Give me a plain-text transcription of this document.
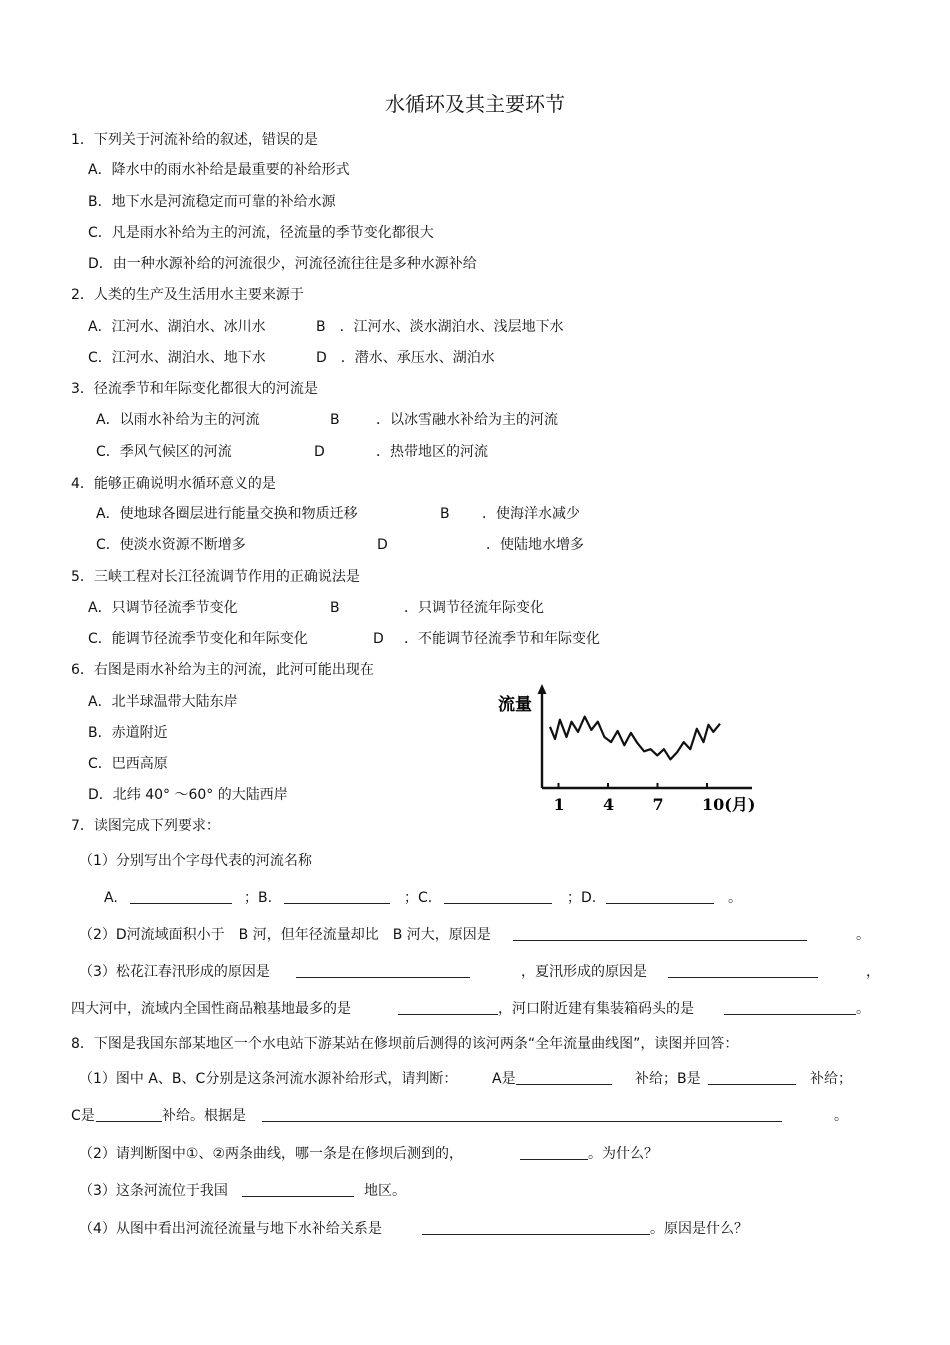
水循环及其主要环节
1．下列关于河流补给的叙述，错误的是
A．降水中的雨水补给是最重要的补给形式
B．地下水是河流稳定而可靠的补给水源
C．凡是雨水补给为主的河流，径流量的季节变化都很大
D．由一种水源补给的河流很少，河流径流往往是多种水源补给
2．人类的生产及生活用水主要来源于
A．江河水、湖泊水、冰川水	B　．江河水、淡水湖泊水、浅层地下水
C．江河水、湖泊水、地下水	D　．潜水、承压水、湖泊水
3．径流季节和年际变化都很大的河流是
A．以雨水补给为主的河流	B	．以冰雪融水补给为主的河流
C．季风气候区的河流	D	．热带地区的河流
4．能够正确说明水循环意义的是
A．使地球各圈层进行能量交换和物质迁移	B ．使海洋水减少
C．使淡水资源不断增多	D	．使陆地水增多
5．三峡工程对长江径流调节作用的正确说法是
A．只调节径流季节变化	B	．只调节径流年际变化
C．能调节径流季节变化和年际变化	D ．不能调节径流季节和年际变化
6．右图是雨水补给为主的河流，此河可能出现在
A．北半球温带大陆东岸
B．赤道附近
C．巴西高原
D．北纬 40° ～60° 的大陆西岸
流量
1 4 7 10(月)
7．读图完成下列要求：
（1）分别写出个字母代表的河流名称
A.	；B.	；C.	；D.	。
（2）D河流域面积小于　B 河，但年径流量却比　B 河大，原因是	。
（3）松花江春汛形成的原因是	，夏汛形成的原因是	，
四大河中，流域内全国性商品粮基地最多的是	，河口附近建有集装箱码头的是	。
8．下图是我国东部某地区一个水电站下游某站在修坝前后测得的该河两条“全年流量曲线图”，读图并回答：
（1）图中 A、B、C分别是这条河流水源补给形式，请判断： A是	补给；B是	补给；
C是	补给。根据是	。
（2）请判断图中①、②两条曲线，哪一条是在修坝后测到的，	。为什么？
（3）这条河流位于我国	地区。
（4）从图中看出河流径流量与地下水补给关系是	。原因是什么？
